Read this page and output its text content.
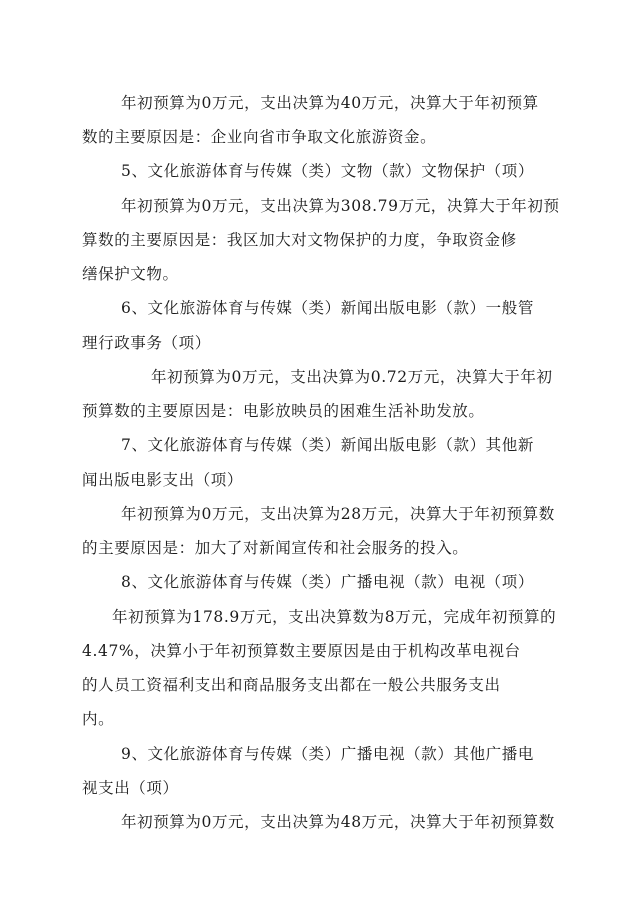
年初预算为0万元，支出决算为40万元，决算大于年初预算
数的主要原因是：企业向省市争取文化旅游资金。
5、文化旅游体育与传媒（类）文物（款）文物保护（项）
年初预算为0万元，支出决算为308.79万元，决算大于年初预
算数的主要原因是：我区加大对文物保护的力度，争取资金修
缮保护文物。
6、文化旅游体育与传媒（类）新闻出版电影（款）一般管
理行政事务（项）
年初预算为0万元，支出决算为0.72万元，决算大于年初
预算数的主要原因是：电影放映员的困难生活补助发放。
7、文化旅游体育与传媒（类）新闻出版电影（款）其他新
闻出版电影支出（项）
年初预算为0万元，支出决算为28万元，决算大于年初预算数
的主要原因是：加大了对新闻宣传和社会服务的投入。
8、文化旅游体育与传媒（类）广播电视（款）电视（项）
年初预算为178.9万元，支出决算数为8万元，完成年初预算的
4.47%，决算小于年初预算数主要原因是由于机构改革电视台
的人员工资福利支出和商品服务支出都在一般公共服务支出
内。
9、文化旅游体育与传媒（类）广播电视（款）其他广播电
视支出（项）
年初预算为0万元，支出决算为48万元，决算大于年初预算数
